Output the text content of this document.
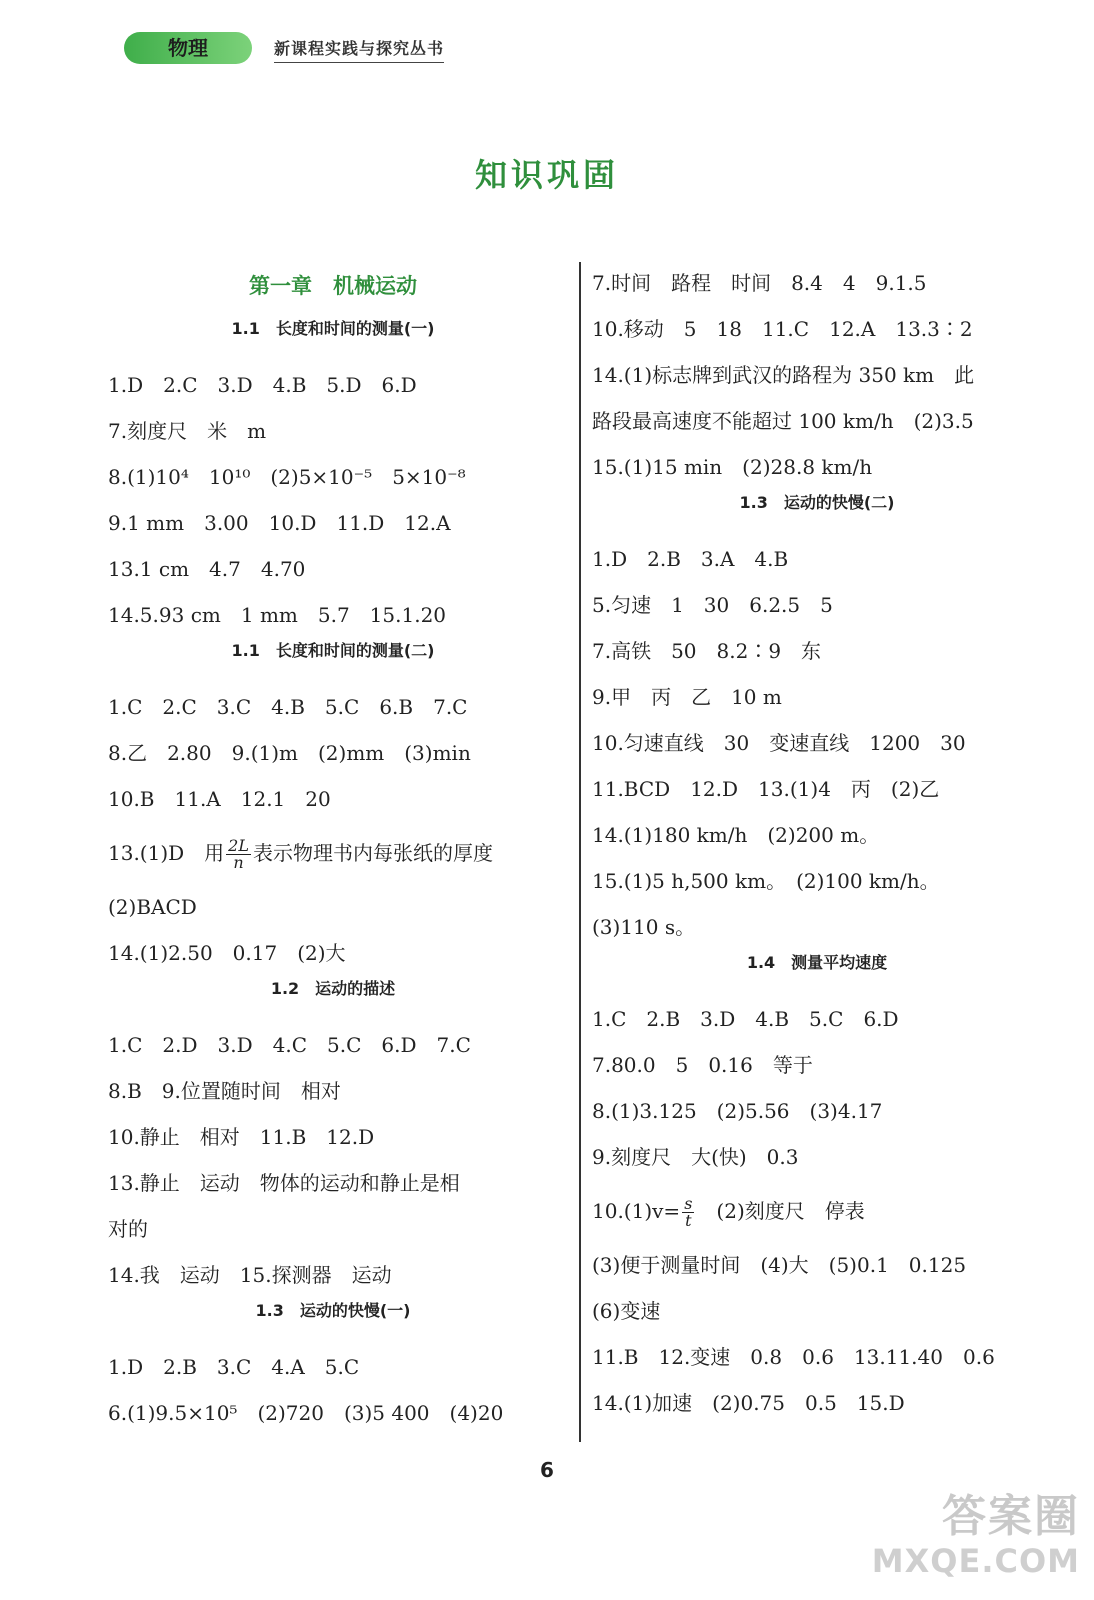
物理	新课程实践与探究丛书
知识巩固
第一章　机械运动
1.1　长度和时间的测量(一)
1.D　2.C　3.D　4.B　5.D　6.D
7.刻度尺　米　m
8.(1)10⁴　10¹⁰　(2)5×10⁻⁵　5×10⁻⁸
9.1 mm　3.00　10.D　11.D　12.A
13.1 cm　4.7　4.70
14.5.93 cm　1 mm　5.7　15.1.20
1.1　长度和时间的测量(二)
1.C　2.C　3.C　4.B　5.C　6.B　7.C
8.乙　2.80　9.(1)m　(2)mm　(3)min
10.B　11.A　12.1　20
13.(1)D　用 $\frac{2L}{n}$ 表示物理书内每张纸的厚度
(2)BACD
14.(1)2.50　0.17　(2)大
1.2　运动的描述
1.C　2.D　3.D　4.C　5.C　6.D　7.C
8.B　9.位置随时间　相对
10.静止　相对　11.B　12.D
13.静止　运动　物体的运动和静止是相
对的
14.我　运动　15.探测器　运动
1.3　运动的快慢(一)
1.D　2.B　3.C　4.A　5.C
6.(1)9.5×10⁵　(2)720　(3)5 400　(4)20
7.时间　路程　时间　8.4　4　9.1.5
10.移动　5　18　11.C　12.A　13.3∶2
14.(1)标志牌到武汉的路程为 350 km　此
路段最高速度不能超过 100 km/h　(2)3.5
15.(1)15 min　(2)28.8 km/h
1.3　运动的快慢(二)
1.D　2.B　3.A　4.B
5.匀速　1　30　6.2.5　5
7.高铁　50　8.2∶9　东
9.甲　丙　乙　10 m
10.匀速直线　30　变速直线　1200　30
11.BCD　12.D　13.(1)4　丙　(2)乙
14.(1)180 km/h　(2)200 m。
15.(1)5 h,500 km。　(2)100 km/h。
(3)110 s。
1.4　测量平均速度
1.C　2.B　3.D　4.B　5.C　6.D
7.80.0　5　0.16　等于
8.(1)3.125　(2)5.56　(3)4.17
9.刻度尺　大(快)　0.3
$10.(1)v= \frac{s}{t}$ 　(2)刻度尺　停表
(3)便于测量时间　(4)大　(5)0.1　0.125
(6)变速
11.B　12.变速　0.8　0.6　13.11.40　0.6
14.(1)加速　(2)0.75　0.5　15.D
6
答案圈
MXQE.COM
